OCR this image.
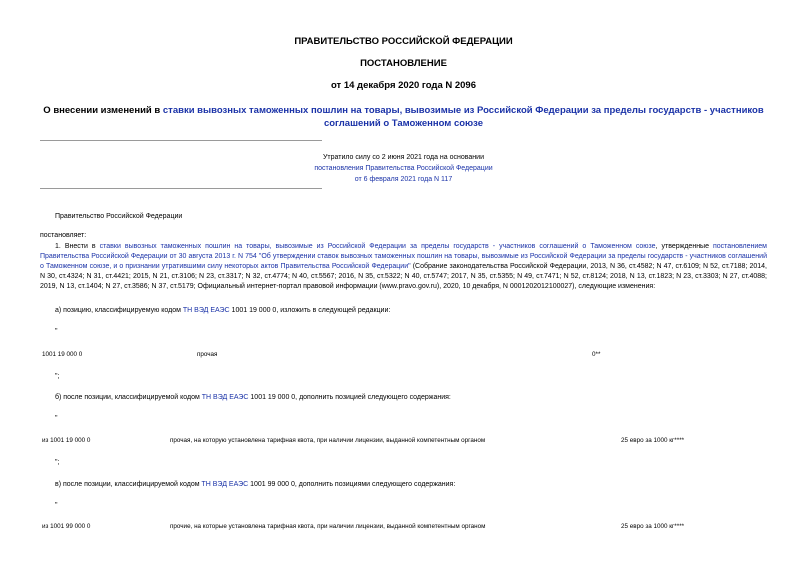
ПРАВИТЕЛЬСТВО РОССИЙСКОЙ ФЕДЕРАЦИИ
ПОСТАНОВЛЕНИЕ
от 14 декабря 2020 года N 2096
О внесении изменений в ставки вывозных таможенных пошлин на товары, вывозимые из Российской Федерации за пределы государств - участников соглашений о Таможенном союзе
Утратило силу со 2 июня 2021 года на основании
постановления Правительства Российской Федерации
от 6 февраля 2021 года N 117
Правительство Российской Федерации
постановляет:
1. Внести в ставки вывозных таможенных пошлин на товары, вывозимые из Российской Федерации за пределы государств - участников соглашений о Таможенном союзе, утвержденные постановлением Правительства Российской Федерации от 30 августа 2013 г. N 754 "Об утверждении ставок вывозных таможенных пошлин на товары, вывозимые из Российской Федерации за пределы государств - участников соглашений о Таможенном союзе, и о признании утратившими силу некоторых актов Правительства Российской Федерации" (Собрание законодательства Российской Федерации, 2013, N 36, ст.4582; N 47, ст.6109; N 52, ст.7188; 2014, N 30, ст.4324; N 31, ст.4421; 2015, N 21, ст.3106; N 23, ст.3317; N 32, ст.4774; N 40, ст.5567; 2016, N 35, ст.5322; N 40, ст.5747; 2017, N 35, ст.5355; N 49, ст.7471; N 52, ст.8124; 2018, N 13, ст.1823; N 23, ст.3303; N 27, ст.4088; 2019, N 13, ст.1404; N 27, ст.3586; N 37, ст.5179; Официальный интернет-портал правовой информации (www.pravo.gov.ru), 2020, 10 декабря, N 0001202012100027), следующие изменения:
а) позицию, классифицируемую кодом ТН ВЭД ЕАЭС 1001 19 000 0, изложить в следующей редакции:
"
1001 19 000 0	прочая	0**
";
б) после позиции, классифицируемой кодом ТН ВЭД ЕАЭС 1001 19 000 0, дополнить позицией следующего содержания:
"
из 1001 19 000 0	прочая, на которую установлена тарифная квота, при наличии лицензии, выданной компетентным органом	25 евро за 1000 кг****
";
в) после позиции, классифицируемой кодом ТН ВЭД ЕАЭС 1001 99 000 0, дополнить позициями следующего содержания:
"
из 1001 99 000 0	прочие, на которые установлена тарифная квота, при наличии лицензии, выданной компетентным органом	25 евро за 1000 кг****
